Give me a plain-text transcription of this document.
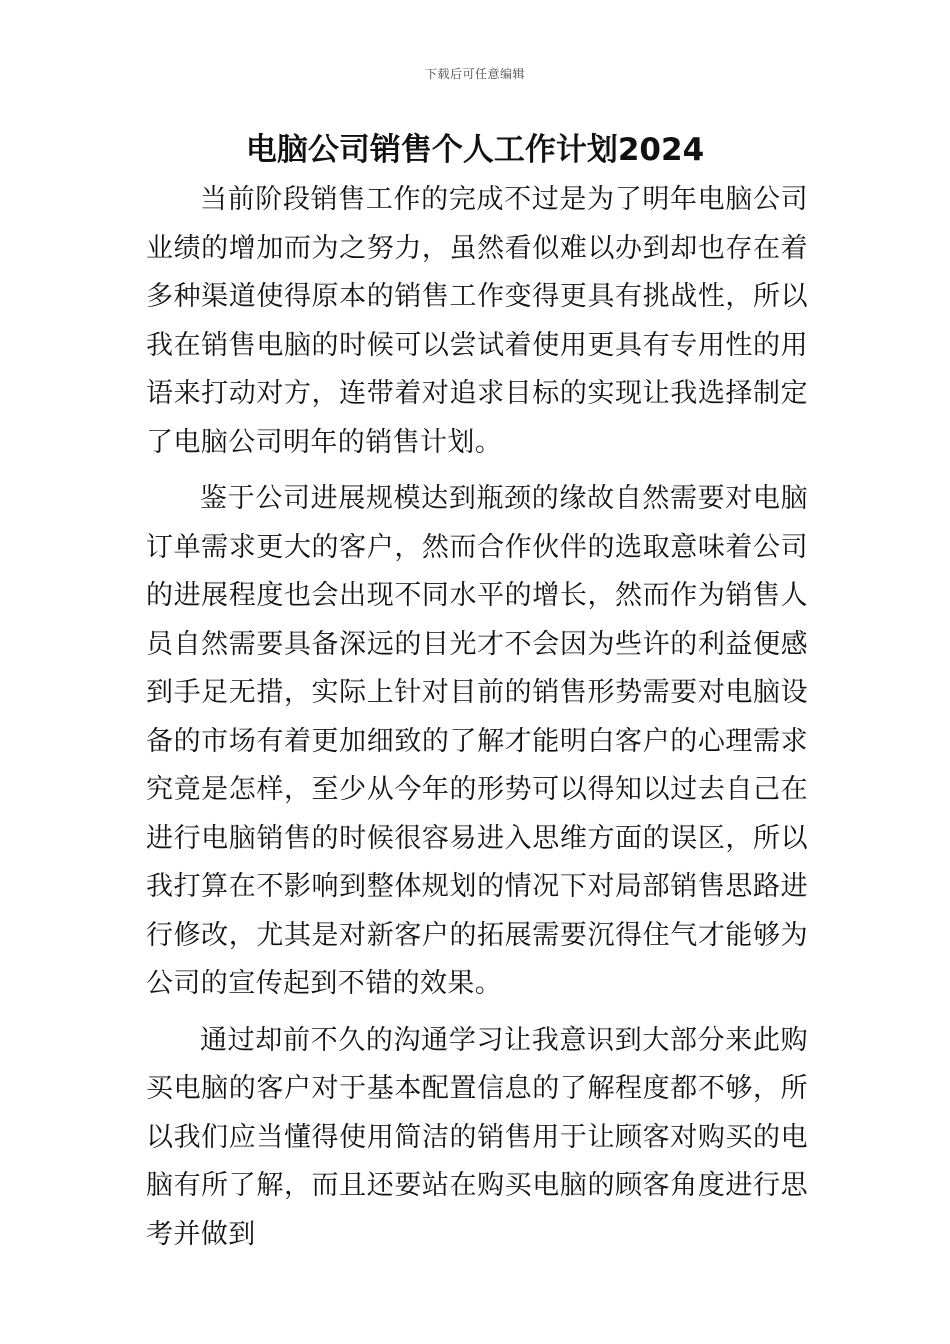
下载后可任意编辑
电脑公司销售个人工作计划2024

当前阶段销售工作的完成不过是为了明年电脑公司业绩的增加而为之努力，虽然看似难以办到却也存在着多种渠道使得原本的销售工作变得更具有挑战性，所以我在销售电脑的时候可以尝试着使用更具有专用性的用语来打动对方，连带着对追求目标的实现让我选择制定了电脑公司明年的销售计划。

鉴于公司进展规模达到瓶颈的缘故自然需要对电脑订单需求更大的客户，然而合作伙伴的选取意味着公司的进展程度也会出现不同水平的增长，然而作为销售人员自然需要具备深远的目光才不会因为些许的利益便感到手足无措，实际上针对目前的销售形势需要对电脑设备的市场有着更加细致的了解才能明白客户的心理需求究竟是怎样，至少从今年的形势可以得知以过去自己在进行电脑销售的时候很容易进入思维方面的误区，所以我打算在不影响到整体规划的情况下对局部销售思路进行修改，尤其是对新客户的拓展需要沉得住气才能够为公司的宣传起到不错的效果。

通过却前不久的沟通学习让我意识到大部分来此购买电脑的客户对于基本配置信息的了解程度都不够，所以我们应当懂得使用简洁的销售用于让顾客对购买的电脑有所了解，而且还要站在购买电脑的顾客角度进行思考并做到
